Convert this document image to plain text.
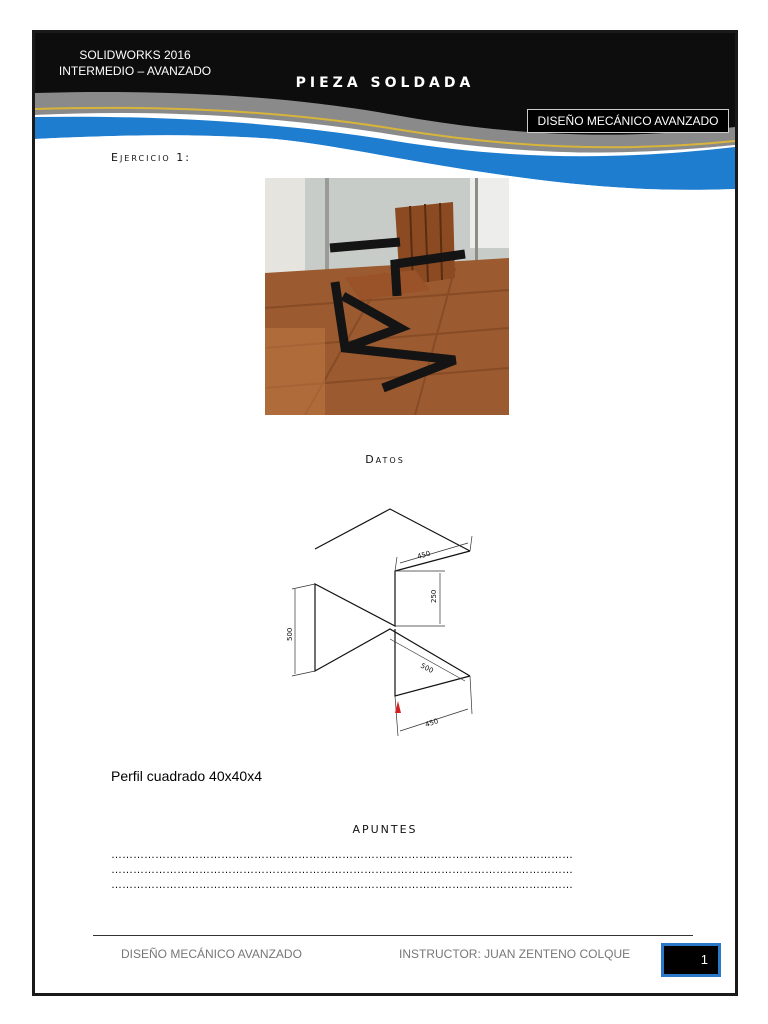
SOLIDWORKS 2016
INTERMEDIO – AVANZADO
PIEZA SOLDADA
DISEÑO MECÁNICO AVANZADO
Ejercicio 1:
Datos
450
250
500
500
450
Perfil cuadrado 40x40x4
APUNTES
………………………………………………………………………………………………………………
………………………………………………………………………………………………………………
………………………………………………………………………………………………………………
DISEÑO MECÁNICO AVANZADO	INSTRUCTOR: JUAN ZENTENO COLQUE	1
